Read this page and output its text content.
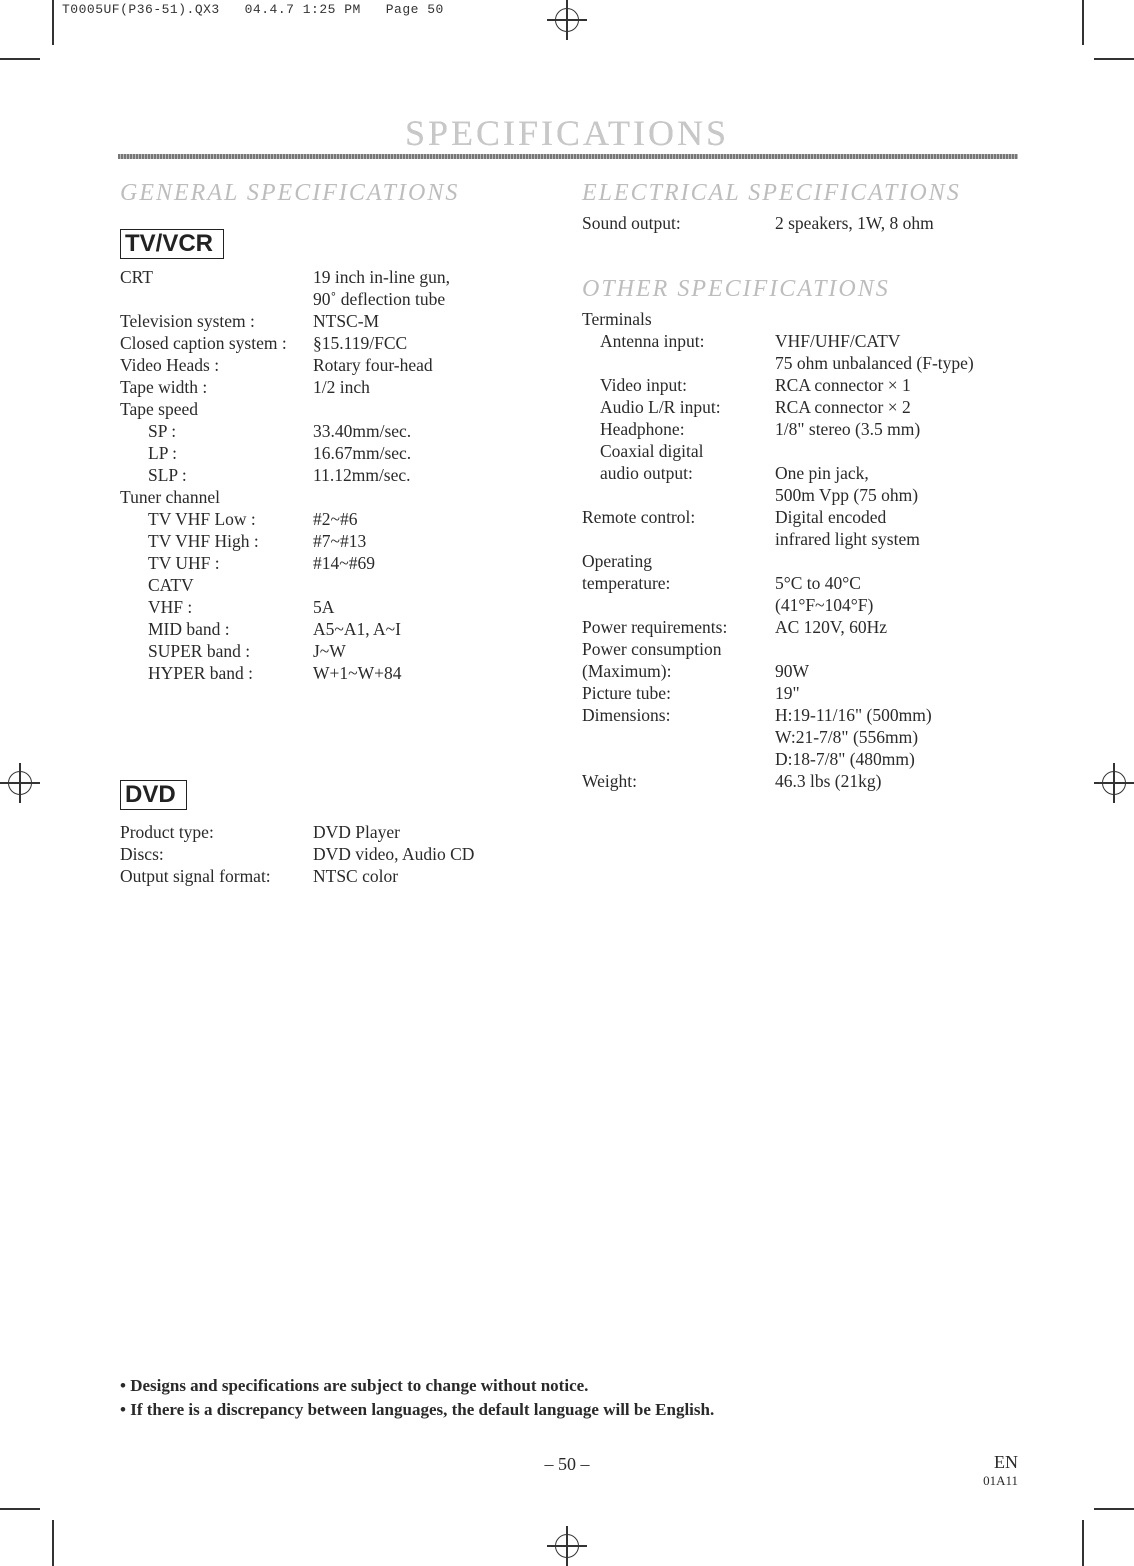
T0005UF(P36-51).QX3   04.4.7 1:25 PM   Page 50
SPECIFICATIONS
GENERAL SPECIFICATIONS
TV/VCR
CRT	19 inch in-line gun,
90˚ deflection tube
Television system :	NTSC-M
Closed caption system : §15.119/FCC
Video Heads :	Rotary four-head
Tape width :	1/2 inch
Tape speed
SP :	33.40mm/sec.
LP :	16.67mm/sec.
SLP :	11.12mm/sec.
Tuner channel
TV VHF Low :	#2~#6
TV VHF High :	#7~#13
TV UHF :	#14~#69
CATV
VHF :	5A
MID band :	A5~A1, A~I
SUPER band :	J~W
HYPER band :	W+1~W+84
DVD
Product type:	DVD Player
Discs:	DVD video, Audio CD
Output signal format: NTSC color
ELECTRICAL SPECIFICATIONS
Sound output:	2 speakers, 1W, 8 ohm
OTHER SPECIFICATIONS
Terminals
Antenna input:	VHF/UHF/CATV
75 ohm unbalanced (F-type)
Video input:	RCA connector × 1
Audio L/R input:	RCA connector × 2
Headphone:	1/8" stereo (3.5 mm)
Coaxial digital
audio output:	One pin jack,
500m Vpp (75 ohm)
Remote control:	Digital encoded
infrared light system
Operating
temperature:	5°C to 40°C
(41°F~104°F)
Power requirements:	AC 120V, 60Hz
Power consumption
(Maximum):	90W
Picture tube:	19"
Dimensions:	H:19-11/16" (500mm)
W:21-7/8" (556mm)
D:18-7/8" (480mm)
Weight:	46.3 lbs (21kg)
• Designs and specifications are subject to change without notice.
• If there is a discrepancy between languages, the default language will be English.
– 50 –	EN
01A11
